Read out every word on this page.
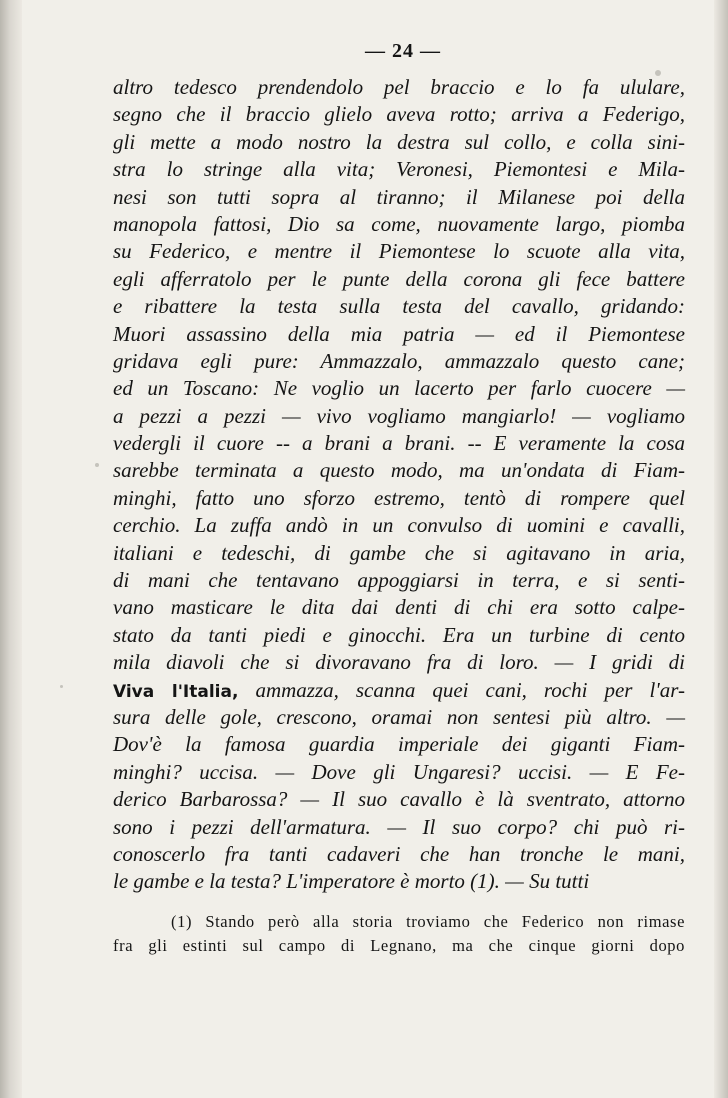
— 24 —
altro tedesco prendendolo pel braccio e lo fa ululare,
segno che il braccio glielo aveva rotto; arriva a Federigo,
gli mette a modo nostro la destra sul collo, e colla sini-
stra lo stringe alla vita; Veronesi, Piemontesi e Mila-
nesi son tutti sopra al tiranno; il Milanese poi della
manopola fattosi, Dio sa come, nuovamente largo, piomba
su Federico, e mentre il Piemontese lo scuote alla vita,
egli afferratolo per le punte della corona gli fece battere
e ribattere la testa sulla testa del cavallo, gridando:
Muori assassino della mia patria — ed il Piemontese
gridava egli pure: Ammazzalo, ammazzalo questo cane;
ed un Toscano: Ne voglio un lacerto per farlo cuocere —
a pezzi a pezzi — vivo vogliamo mangiarlo! — vogliamo
vedergli il cuore -- a brani a brani. -- E veramente la cosa
sarebbe terminata a questo modo, ma un'ondata di Fiam-
minghi, fatto uno sforzo estremo, tentò di rompere quel
cerchio. La zuffa andò in un convulso di uomini e cavalli,
italiani e tedeschi, di gambe che si agitavano in aria,
di mani che tentavano appoggiarsi in terra, e si senti-
vano masticare le dita dai denti di chi era sotto calpe-
stato da tanti piedi e ginocchi. Era un turbine di cento
mila diavoli che si divoravano fra di loro. — I gridi di
Viva l'Italia, ammazza, scanna quei cani, rochi per l'ar-
sura delle gole, crescono, oramai non sentesi più altro. —
Dov'è la famosa guardia imperiale dei giganti Fiam-
minghi? uccisa. — Dove gli Ungaresi? uccisi. — E Fe-
derico Barbarossa? — Il suo cavallo è là sventrato, attorno
sono i pezzi dell'armatura. — Il suo corpo? chi può ri-
conoscerlo fra tanti cadaveri che han tronche le mani,
le gambe e la testa? L'imperatore è morto (1). — Su tutti
(1) Stando però alla storia troviamo che Federico non rimase
fra gli estinti sul campo di Legnano, ma che cinque giorni dopo
